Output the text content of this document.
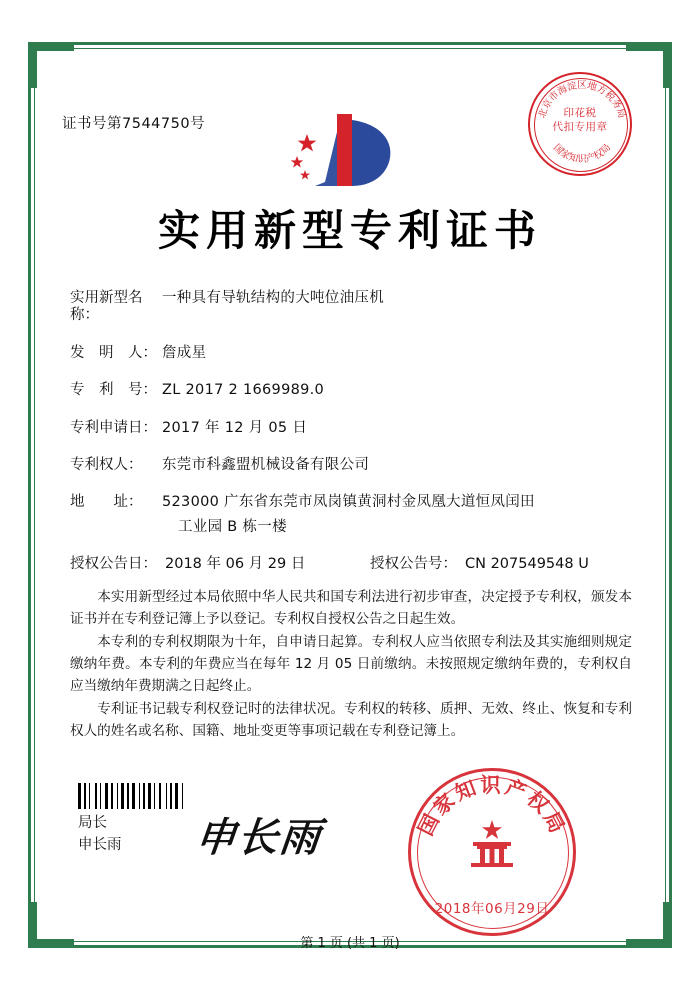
证书号第7544750号
印花税
代扣专用章
北京市海淀区地方税务局
国家知识产权局
实用新型专利证书
实用新型名称：
一种具有导轨结构的大吨位油压机
发　明　人： 詹成星
专　利　号： ZL 2017 2 1669989.0
专利申请日： 2017 年 12 月 05 日
专利权人：	东莞市科鑫盟机械设备有限公司
地　　址：	523000 广东省东莞市凤岗镇黄洞村金凤凰大道恒凤闰田
工业园 B 栋一楼
授权公告日： 2018 年 06 月 29 日	授权公告号： CN 207549548 U

本实用新型经过本局依照中华人民共和国专利法进行初步审查，决定授予专利权，颁发本证书并在专利登记簿上予以登记。专利权自授权公告之日起生效。

本专利的专利权期限为十年，自申请日起算。专利权人应当依照专利法及其实施细则规定缴纳年费。本专利的年费应当在每年 12 月 05 日前缴纳。未按照规定缴纳年费的，专利权自应当缴纳年费期满之日起终止。

专利证书记载专利权登记时的法律状况。专利权的转移、质押、无效、终止、恢复和专利权人的姓名或名称、国籍、地址变更等事项记载在专利登记簿上。

局长
申长雨 申长雨	国家知识产权局
2018年06月29日
第 1 页 (共 1 页)
